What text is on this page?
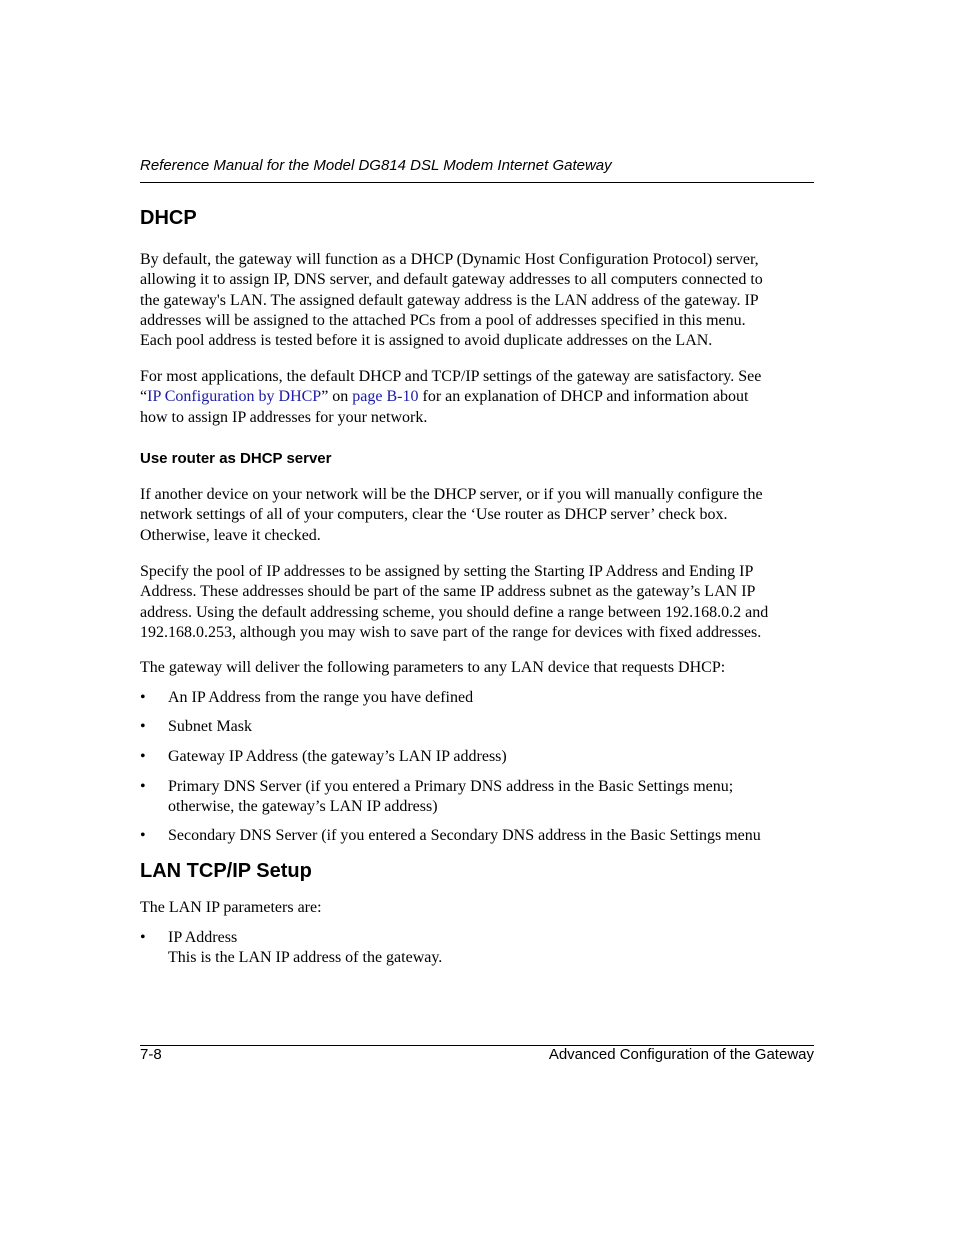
Reference Manual for the Model DG814 DSL Modem Internet Gateway
DHCP
By default, the gateway will function as a DHCP (Dynamic Host Configuration Protocol) server,
allowing it to assign IP, DNS server, and default gateway addresses to all computers connected to
the gateway's LAN. The assigned default gateway address is the LAN address of the gateway. IP
addresses will be assigned to the attached PCs from a pool of addresses specified in this menu.
Each pool address is tested before it is assigned to avoid duplicate addresses on the LAN.
For most applications, the default DHCP and TCP/IP settings of the gateway are satisfactory. See
“IP Configuration by DHCP” on page B-10 for an explanation of DHCP and information about
how to assign IP addresses for your network.
Use router as DHCP server
If another device on your network will be the DHCP server, or if you will manually configure the
network settings of all of your computers, clear the ‘Use router as DHCP server’ check box.
Otherwise, leave it checked.
Specify the pool of IP addresses to be assigned by setting the Starting IP Address and Ending IP
Address. These addresses should be part of the same IP address subnet as the gateway’s LAN IP
address. Using the default addressing scheme, you should define a range between 192.168.0.2 and
192.168.0.253, although you may wish to save part of the range for devices with fixed addresses.
The gateway will deliver the following parameters to any LAN device that requests DHCP:
• An IP Address from the range you have defined
• Subnet Mask
• Gateway IP Address (the gateway’s LAN IP address)
• Primary DNS Server (if you entered a Primary DNS address in the Basic Settings menu;
otherwise, the gateway’s LAN IP address)
• Secondary DNS Server (if you entered a Secondary DNS address in the Basic Settings menu
LAN TCP/IP Setup
The LAN IP parameters are:
• IP Address
This is the LAN IP address of the gateway.
7-8	Advanced Configuration of the Gateway
